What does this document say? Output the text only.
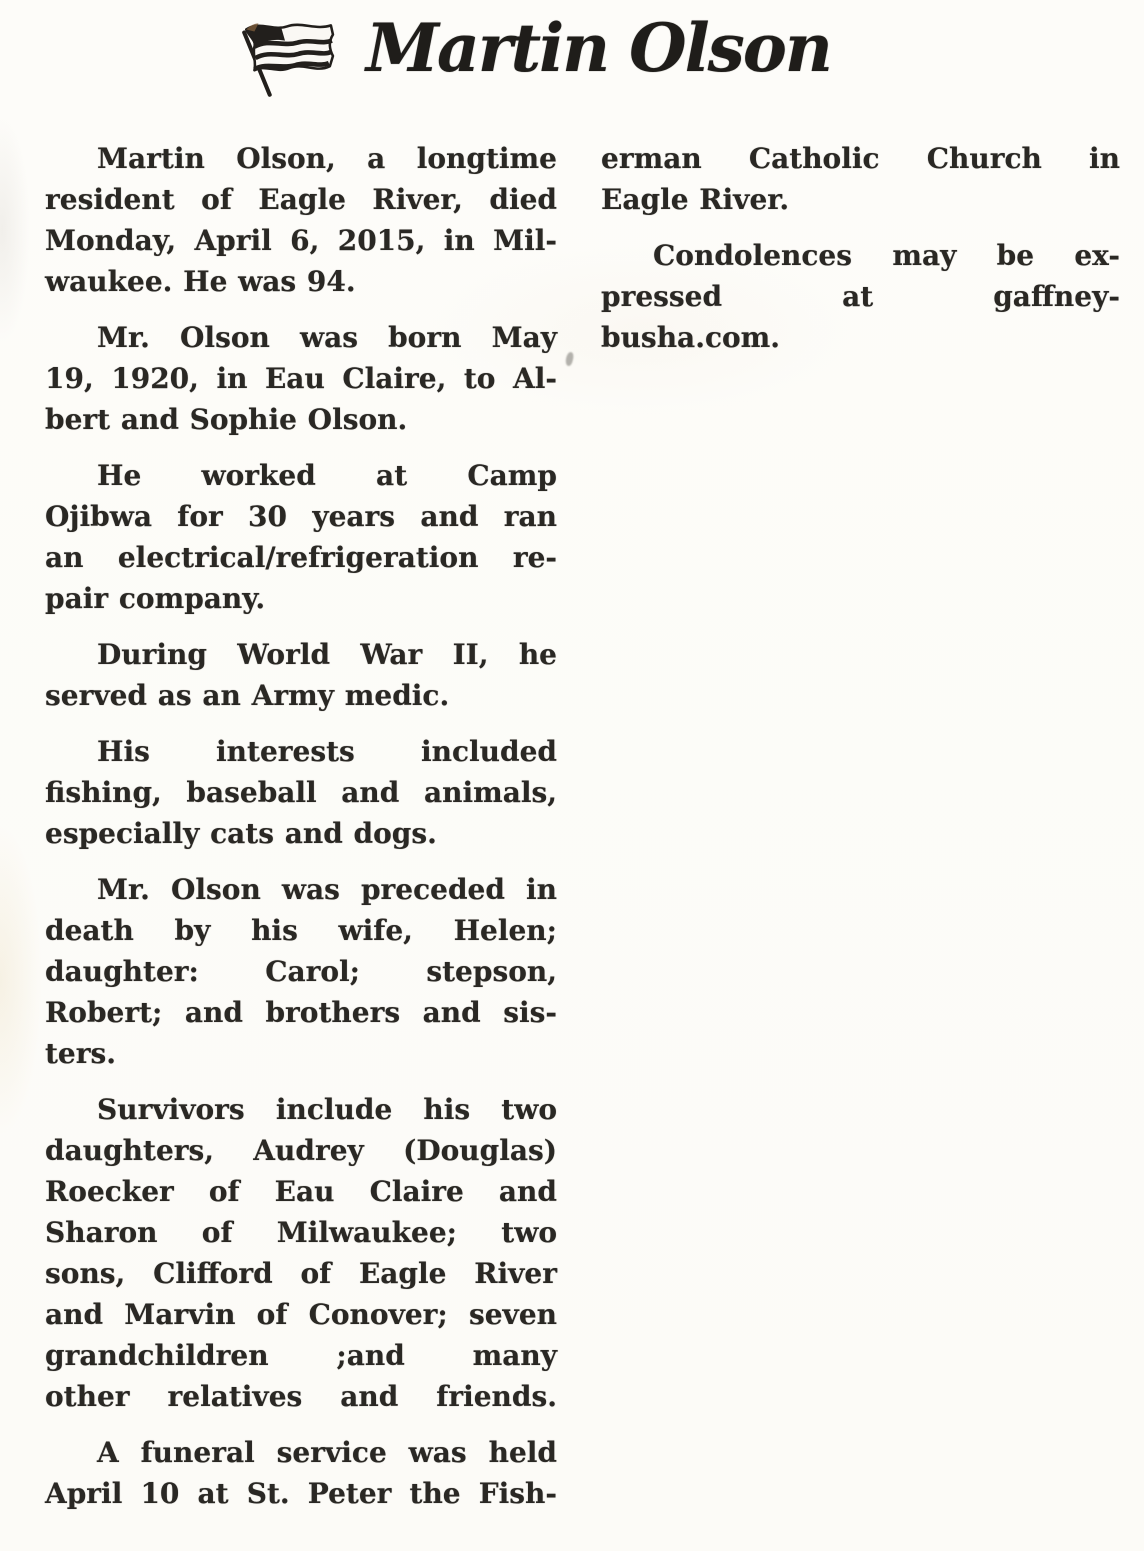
Martin Olson

Martin Olson, a longtime
resident of Eagle River, died
Monday, April 6, 2015, in Mil-
waukee. He was 94.

Mr. Olson was born May
19, 1920, in Eau Claire, to Al-
bert and Sophie Olson.

He worked at Camp
Ojibwa for 30 years and ran
an electrical/refrigeration re-
pair company.

During World War II, he
served as an Army medic.

His interests included
fishing, baseball and animals,
especially cats and dogs.

Mr. Olson was preceded in
death by his wife, Helen;
daughter: Carol; stepson,
Robert; and brothers and sis-
ters.

Survivors include his two
daughters, Audrey (Douglas)
Roecker of Eau Claire and
Sharon of Milwaukee; two
sons, Clifford of Eagle River
and Marvin of Conover; seven
grandchildren ;and many
other relatives and friends.

A funeral service was held
April 10 at St. Peter the Fish-

erman Catholic Church in
Eagle River.

Condolences may be ex-
pressed at gaffney-
busha.com.
